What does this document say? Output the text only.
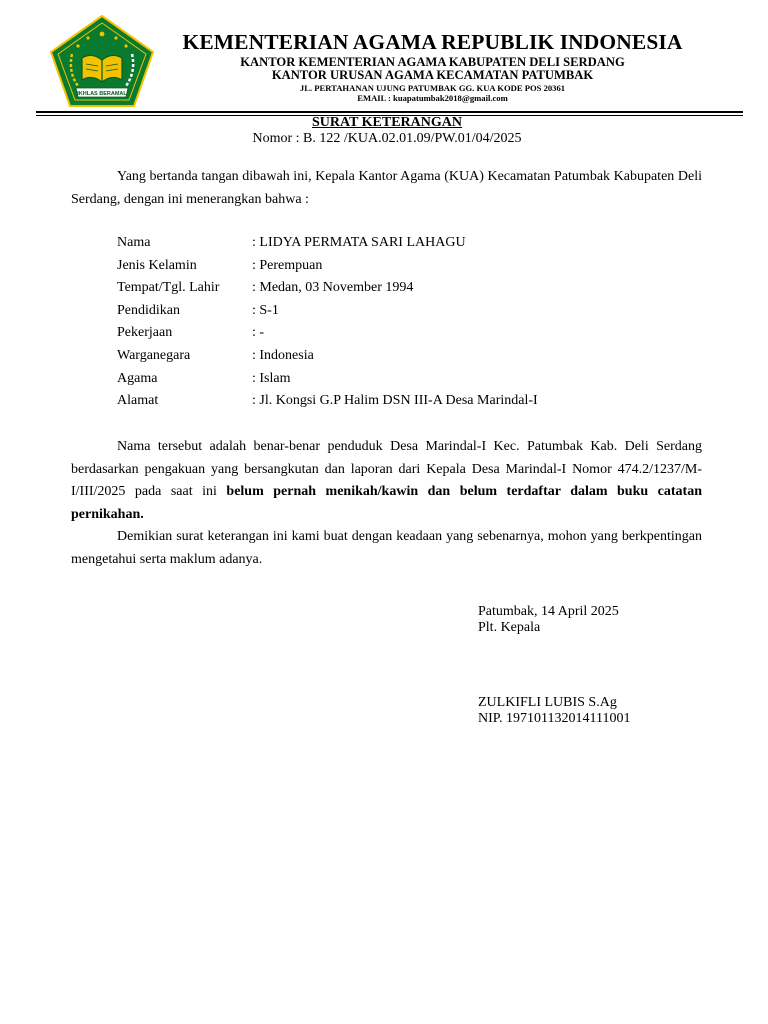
IKHLAS BERAMAL
KEMENTERIAN AGAMA REPUBLIK INDONESIA
KANTOR KEMENTERIAN AGAMA KABUPATEN DELI SERDANG
KANTOR URUSAN AGAMA KECAMATAN PATUMBAK
JL. PERTAHANAN UJUNG PATUMBAK GG. KUA KODE POS 20361
EMAIL : kuapatumbak2018@gmail.com
SURAT KETERANGAN
Nomor : B. 122 /KUA.02.01.09/PW.01/04/2025

Yang bertanda tangan dibawah ini, Kepala Kantor Agama (KUA) Kecamatan Patumbak Kabupaten Deli Serdang, dengan ini menerangkan bahwa :

Nama	: LIDYA PERMATA SARI LAHAGU
Jenis Kelamin	: Perempuan
Tempat/Tgl. Lahir	: Medan, 03 November 1994
Pendidikan	: S-1
Pekerjaan	: -
Warganegara	: Indonesia
Agama	: Islam
Alamat	: Jl. Kongsi G.P Halim DSN III-A Desa Marindal-I

Nama tersebut adalah benar-benar penduduk Desa Marindal-I Kec. Patumbak Kab. Deli Serdang berdasarkan pengakuan yang bersangkutan dan laporan dari Kepala Desa Marindal-I Nomor 474.2/1237/M-I/III/2025 pada saat ini belum pernah menikah/kawin dan belum terdaftar dalam buku catatan pernikahan.

Demikian surat keterangan ini kami buat dengan keadaan yang sebenarnya, mohon yang berkpentingan mengetahui serta maklum adanya.

Patumbak, 14 April 2025
Plt. Kepala
ZULKIFLI LUBIS S.Ag
NIP. 197101132014111001
